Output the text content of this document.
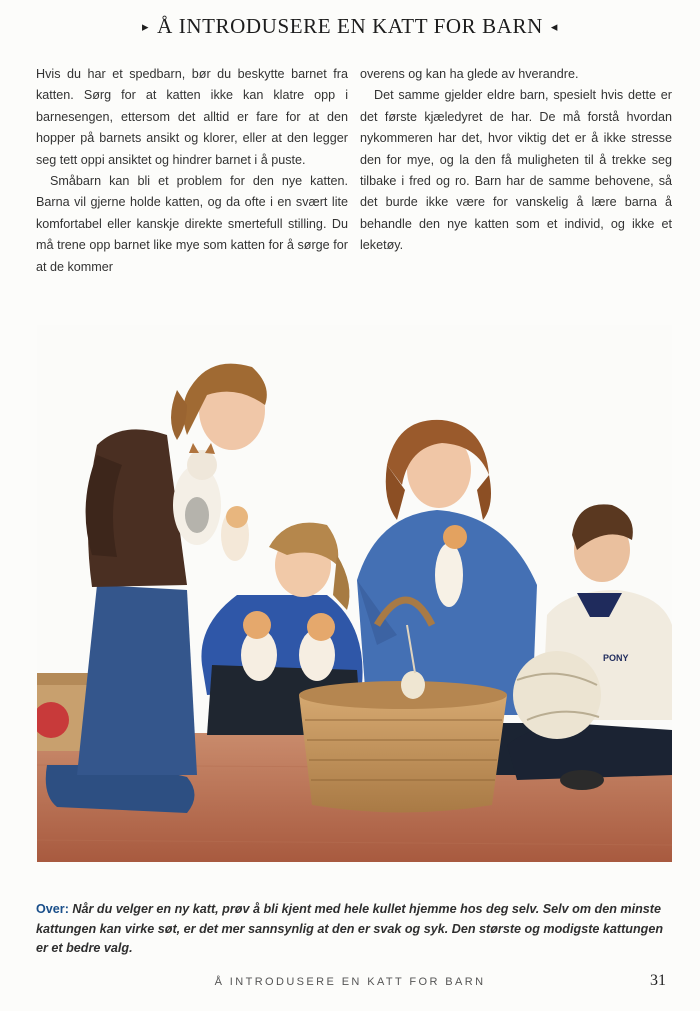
▸ Å INTRODUSERE EN KATT FOR BARN ◂

Hvis du har et spedbarn, bør du beskytte barnet fra katten. Sørg for at katten ikke kan klatre opp i barnesengen, ettersom det alltid er fare for at den hopper på barnets ansikt og klorer, eller at den legger seg tett oppi ansiktet og hindrer barnet i å puste.

Småbarn kan bli et problem for den nye katten. Barna vil gjerne holde katten, og da ofte i en svært lite komfortabel eller kanskje direkte smertefull stilling. Du må trene opp barnet like mye som katten for å sørge for at de kommer

overens og kan ha glede av hverandre.

Det samme gjelder eldre barn, spesielt hvis dette er det første kjæledyret de har. De må forstå hvordan nykommeren har det, hvor viktig det er å ikke stresse den for mye, og la den få muligheten til å trekke seg tilbake i fred og ro. Barn har de samme behovene, så det burde ikke være for vanskelig å lære barna å behandle den nye katten som et individ, og ikke et leketøy.

PONY
Over: Når du velger en ny katt, prøv å bli kjent med hele kullet hjemme hos deg selv. Selv om den minste kattungen kan virke søt, er det mer sannsynlig at den er svak og syk. Den største og modigste kattungen er et bedre valg.
Å INTRODUSERE EN KATT FOR BARN	31
